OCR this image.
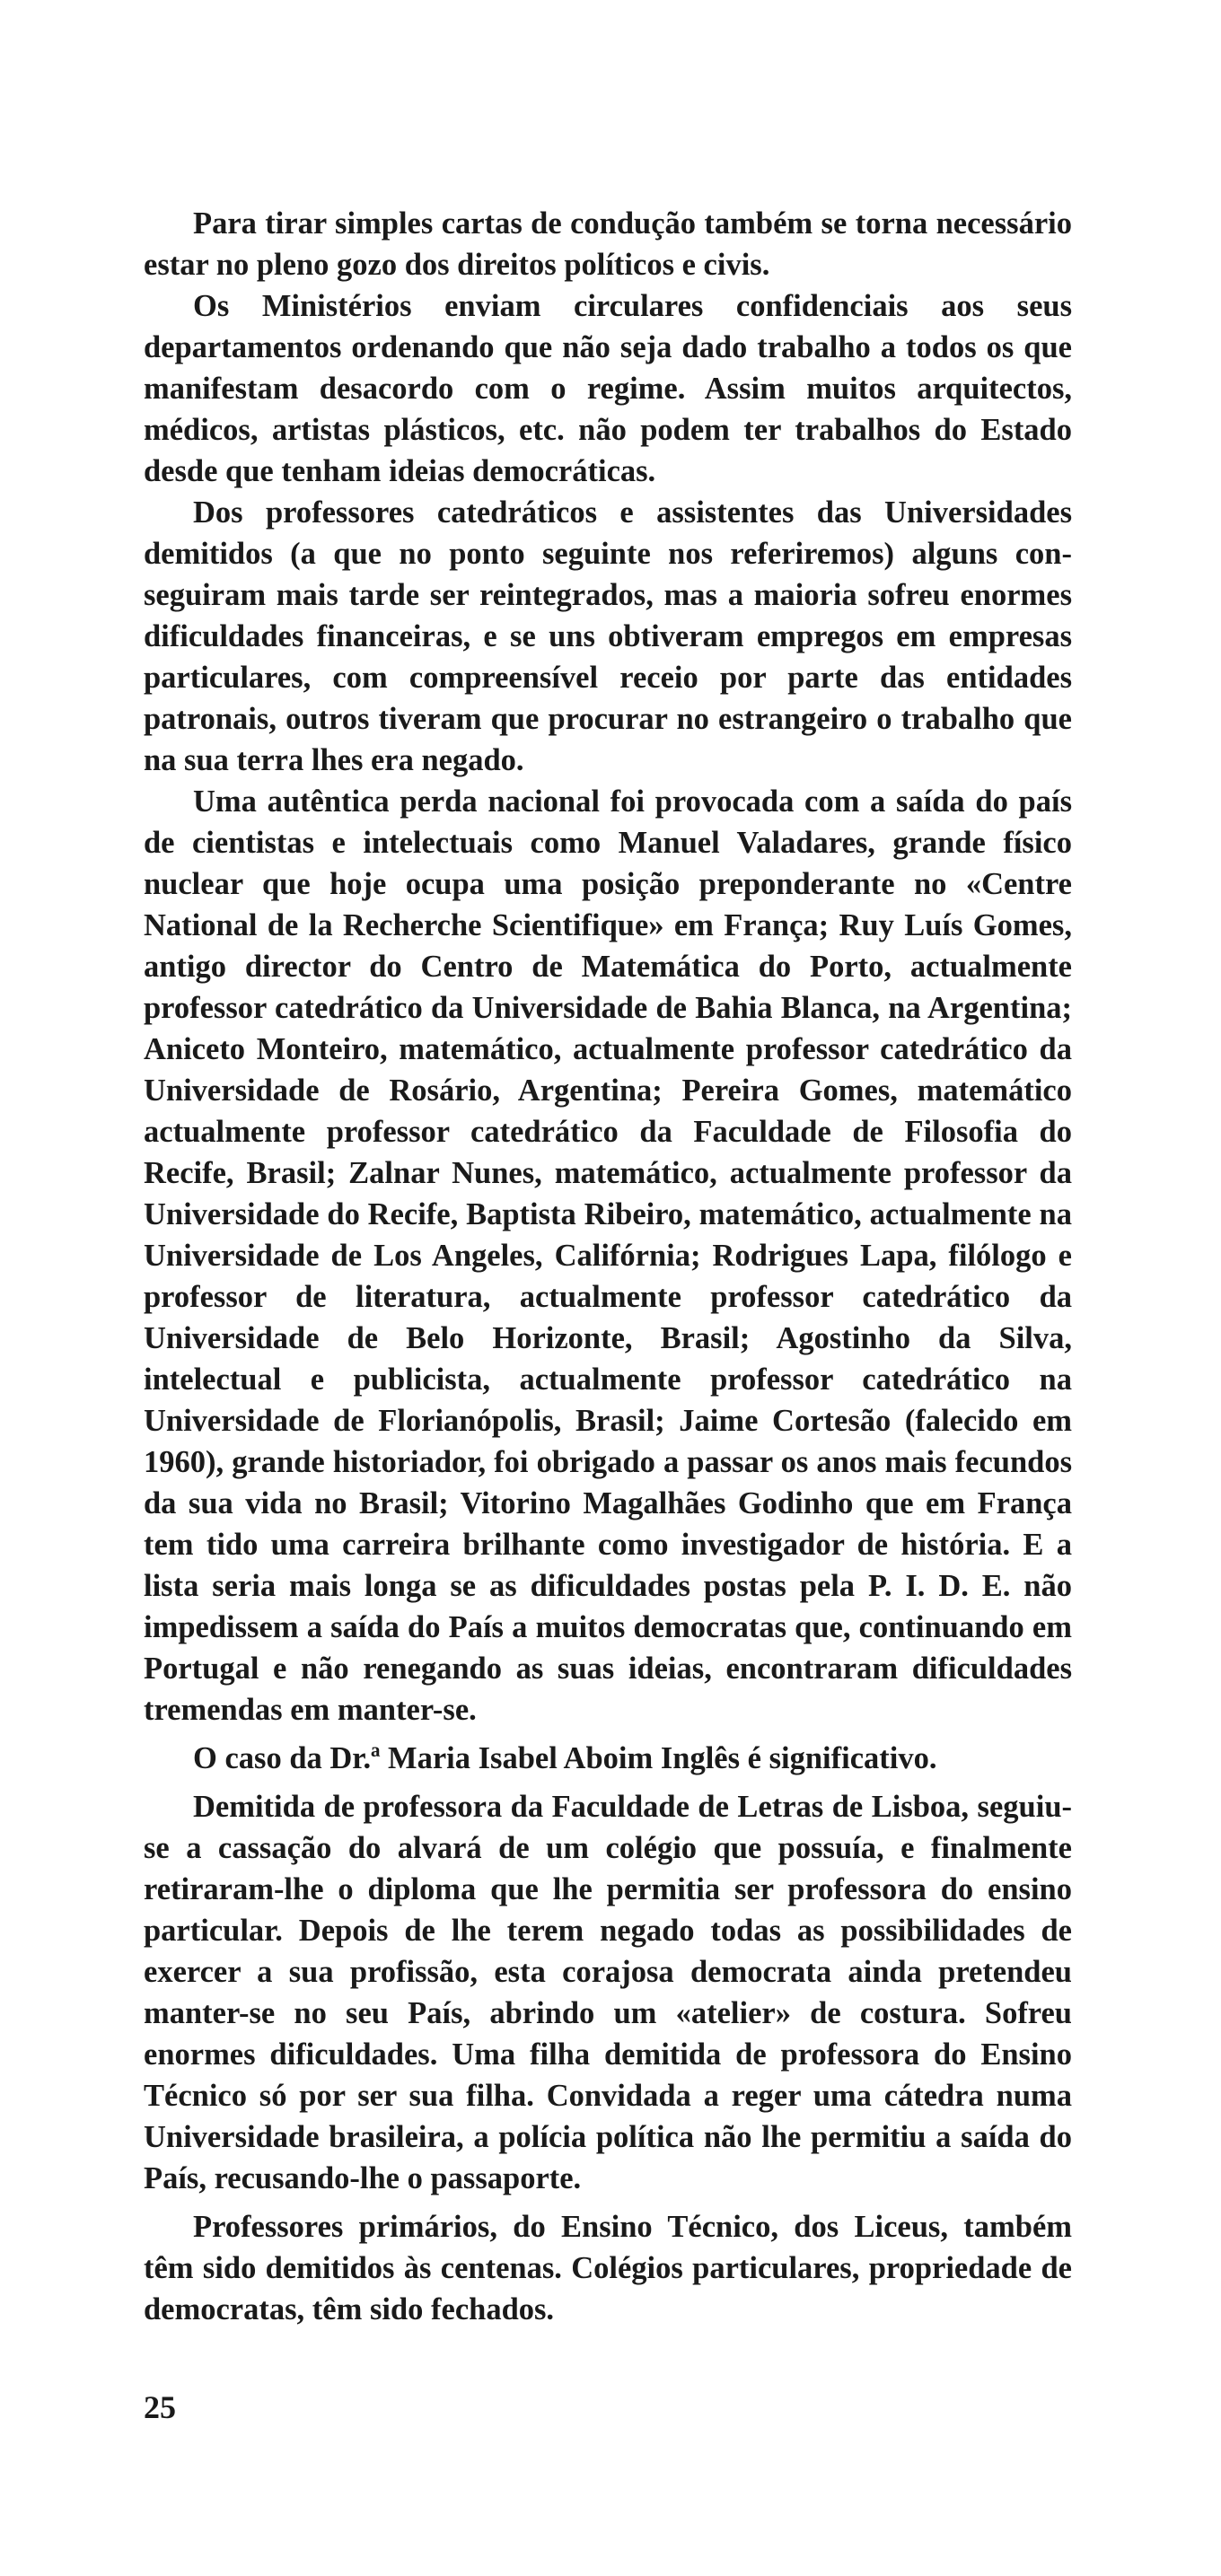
Para tirar simples cartas de condução também se torna necessário estar no pleno gozo dos direitos políticos e civis.

Os Ministérios enviam circulares confidenciais aos seus departamentos ordenando que não seja dado trabalho a todos os que manifestam desacordo com o regime. Assim muitos arquitectos, médicos, artistas plásticos, etc. não podem ter trabalhos do Estado desde que tenham ideias democráticas.

Dos professores catedráticos e assistentes das Universidades demitidos (a que no ponto seguinte nos referiremos) alguns conseguiram mais tarde ser reintegrados, mas a maioria sofreu enormes dificuldades financeiras, e se uns obtiveram empregos em empresas particulares, com compreensível receio por parte das entidades patronais, outros tiveram que procurar no estrangeiro o trabalho que na sua terra lhes era negado.

Uma autêntica perda nacional foi provocada com a saída do país de cientistas e intelectuais como Manuel Valadares, grande físico nuclear que hoje ocupa uma posição preponderante no «Centre National de la Recherche Scientifique» em França; Ruy Luís Gomes, antigo director do Centro de Matemática do Porto, actualmente professor catedrático da Universidade de Bahia Blanca, na Argentina; Aniceto Monteiro, matemático, actualmente professor catedrático da Universidade de Rosário, Argentina; Pereira Gomes, matemático actualmente professor catedrático da Faculdade de Filosofia do Recife, Brasil; Zalnar Nunes, matemático, actualmente professor da Universidade do Recife, Baptista Ribeiro, matemático, actualmente na Universidade de Los Angeles, Califórnia; Rodrigues Lapa, filólogo e professor de literatura, actualmente professor catedrático da Universidade de Belo Horizonte, Brasil; Agostinho da Silva, intelectual e publicista, actualmente professor catedrático na Universidade de Florianópolis, Brasil; Jaime Cortesão (falecido em 1960), grande historiador, foi obrigado a passar os anos mais fecundos da sua vida no Brasil; Vitorino Magalhães Godinho que em França tem tido uma carreira brilhante como investigador de história. E a lista seria mais longa se as dificuldades postas pela P. I. D. E. não impedissem a saída do País a muitos democratas que, continuando em Portugal e não renegando as suas ideias, encontraram dificuldades tremendas em manter-se.

O caso da Dr.ª Maria Isabel Aboim Inglês é significativo.

Demitida de professora da Faculdade de Letras de Lisboa, seguiu-se a cassação do alvará de um colégio que possuía, e finalmente retiraram-lhe o diploma que lhe permitia ser professora do ensino particular. Depois de lhe terem negado todas as possibilidades de exercer a sua profissão, esta corajosa democrata ainda pretendeu manter-se no seu País, abrindo um «atelier» de costura. Sofreu enormes dificuldades. Uma filha demitida de professora do Ensino Técnico só por ser sua filha. Convidada a reger uma cátedra numa Universidade brasileira, a polícia política não lhe permitiu a saída do País, recusando-lhe o passaporte.

Professores primários, do Ensino Técnico, dos Liceus, também têm sido demitidos às centenas. Colégios particulares, propriedade de democratas, têm sido fechados.

25
